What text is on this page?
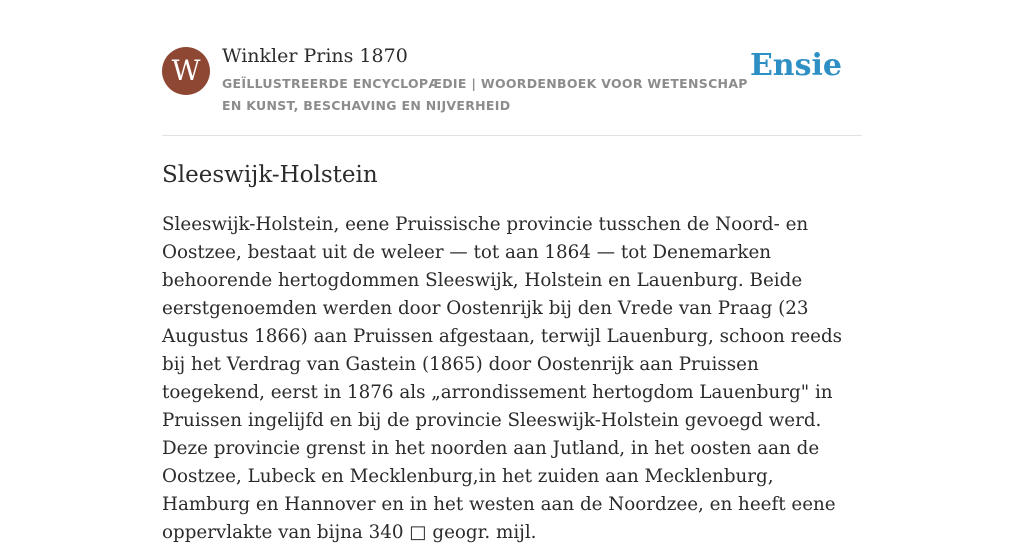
W	Winkler Prins 1870
GEÏLLUSTREERDE ENCYCLOPÆDIE | WOORDENBOEK VOOR WETENSCHAP EN KUNST, BESCHAVING EN NIJVERHEID
Ensie
Sleeswijk-Holstein

Sleeswijk-Holstein, eene Pruissische provincie tusschen de Noord- en Oostzee, bestaat uit de weleer — tot aan 1864 — tot Denemarken behoorende hertogdommen Sleeswijk, Holstein en Lauenburg. Beide eerstgenoemden werden door Oostenrijk bij den Vrede van Praag (23 Augustus 1866) aan Pruissen afgestaan, terwijl Lauenburg, schoon reeds bij het Verdrag van Gastein (1865) door Oostenrijk aan Pruissen toegekend, eerst in 1876 als „arrondissement hertogdom Lauenburg" in Pruissen ingelijfd en bij de provincie Sleeswijk-Holstein gevoegd werd. Deze provincie grenst in het noorden aan Jutland, in het oosten aan de Oostzee, Lubeck en Mecklenburg,in het zuiden aan Mecklenburg, Hamburg en Hannover en in het westen aan de Noordzee, en heeft eene oppervlakte van bijna 340 □ geogr. mijl.
